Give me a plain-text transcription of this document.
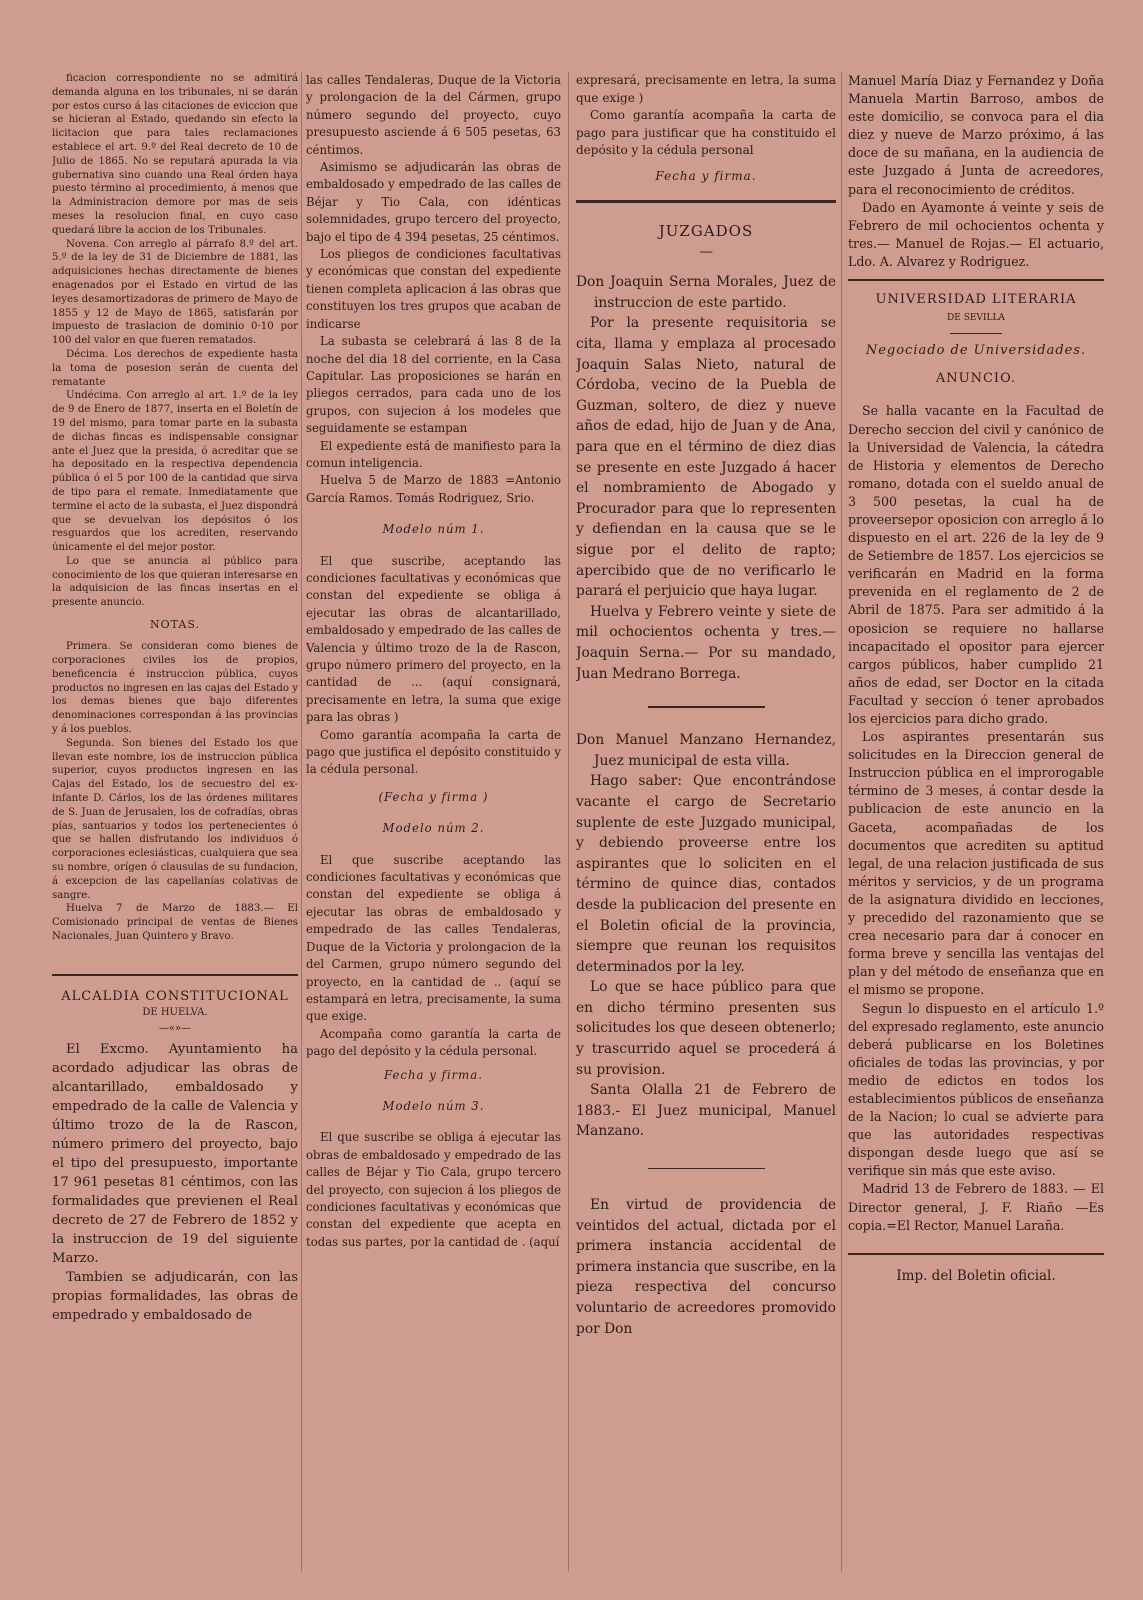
ficacion correspondiente no se admitirá demanda alguna en los tribunales, ni se darán por estos curso á las citaciones de eviccion que se hicieran al Estado, quedando sin efecto la licitacion que para tales reclamaciones establece el art. 9.º del Real decreto de 10 de Julio de 1865. No se reputará apurada la via gubernativa sino cuando una Real órden haya puesto término al procedimiento, á menos que la Administracion demore por mas de seis meses la resolucion final, en cuyo caso quedará libre la accion de los Tribunales.

Novena. Con arreglo al párrafo 8.º del art. 5.º de la ley de 31 de Diciembre de 1881, las adquisiciones hechas directamente de bienes enagenados por el Estado en virtud de las leyes desamortizadoras de primero de Mayo de 1855 y 12 de Mayo de 1865, satisfarán por impuesto de traslacion de dominio 0·10 por 100 del valor en que fueren rematados.

Décima. Los derechos de expediente hasta la toma de posesion serán de cuenta del rematante

Undécima. Con arreglo al art. 1.º de la ley de 9 de Enero de 1877, inserta en el Boletín de 19 del mismo, para tomar parte en la subasta de dichas fincas es indispensable consignar ante el Juez que la presida, ó acreditar que se ha depositado en la respectiva dependencia pública ó el 5 por 100 de la cantidad que sirva de tipo para el remate. Inmediatamente que termine el acto de la subasta, el Juez dispondrá que se devuelvan los depósitos ó los resguardos que los acrediten, reservando únicamente el del mejor postor.

Lo que se anuncia al público para conocimiento de los que quieran interesarse en la adquisicion de las fincas insertas en el presente anuncio.

NOTAS.

Primera. Se consideran como bienes de corporaciones civiles los de propios, beneficencia é instruccion pública, cuyos productos no ingresen en las cajas del Estado y los demas bienes que bajo diferentes denominaciones correspondan á las provincias y á los pueblos.

Segunda. Son bienes del Estado los que llevan este nombre, los de instruccion pública superior, cuyos productos ingresen en las Cajas del Estado, los de secuestro del ex-infante D. Cárlos, los de las órdenes militares de S. Juan de Jerusalen, los de cofradías, obras pías, santuarios y todos los pertenecientes ó que se hallen disfrutando los individuos ó corporaciones eclesiásticas, cualquiera que sea su nombre, orígen ó clausulas de su fundacion, á excepcion de las capellanías colativas de sangre.

Huelva 7 de Marzo de 1883.— El Comisionado principal de ventas de Bienes Nacionales, Juan Quintero y Bravo.

ALCALDIA CONSTITUCIONAL
DE HUELVA.
—«»—

El Excmo. Ayuntamiento ha acordado adjudicar las obras de alcantarillado, embaldosado y empedrado de la calle de Valencia y último trozo de la de Rascon, número primero del proyecto, bajo el tipo del presupuesto, importante 17 961 pesetas 81 céntimos, con las formalidades que previenen el Real decreto de 27 de Febrero de 1852 y la instruccion de 19 del siguiente Marzo.

Tambien se adjudicarán, con las propias formalidades, las obras de empedrado y embaldosado de

las calles Tendaleras, Duque de la Victoria y prolongacion de la del Cármen, grupo número segundo del proyecto, cuyo presupuesto asciende á 6 505 pesetas, 63 céntimos.

Asimismo se adjudicarán las obras de embaldosado y empedrado de las calles de Béjar y Tio Cala, con idénticas solemnidades, grupo tercero del proyecto, bajo el tipo de 4 394 pesetas, 25 céntimos.

Los pliegos de condiciones facultativas y económicas que constan del expediente tienen completa aplicacion á las obras que constituyen los tres grupos que acaban de indicarse

La subasta se celebrará á las 8 de la noche del dia 18 del corriente, en la Casa Capitular. Las proposiciones se harán en pliegos cerrados, para cada uno de los grupos, con sujecion á los modeles que seguidamente se estampan

El expediente está de manifiesto para la comun inteligencia.

Huelva 5 de Marzo de 1883 =Antonio García Ramos. Tomás Rodriguez, Srio.

Modelo núm 1.

El que suscribe, aceptando las condiciones facultativas y económicas que constan del expediente se obliga á ejecutar las obras de alcantarillado, embaldosado y empedrado de las calles de Valencia y último trozo de la de Rascon, grupo número primero del proyecto, en la cantidad de ... (aquí consignará, precisamente en letra, la suma que exige para las obras )

Como garantía acompaña la carta de pago que justifica el depósito constituido y la cédula personal.

(Fecha y firma )
Modelo núm 2.

El que suscribe aceptando las condiciones facultativas y económicas que constan del expediente se obliga á ejecutar las obras de embaldosado y empedrado de las calles Tendaleras, Duque de la Victoria y prolongacion de la del Carmen, grupo número segundo del proyecto, en la cantidad de .. (aquí se estampará en letra, precisamente, la suma que exige.

Acompaña como garantía la carta de pago del depósito y la cédula personal.

Fecha y firma.
Modelo núm 3.

El que suscribe se obliga á ejecutar las obras de embaldosado y empedrado de las calles de Béjar y Tio Cala, grupo tercero del proyecto, con sujecion á los pliegos de condiciones facultativas y económicas que constan del expediente que acepta en todas sus partes, por la cantidad de . (aquí

expresará, precisamente en letra, la suma que exige )

Como garantía acompaña la carta de pago para justificar que ha constituido el depósito y la cédula personal

Fecha y firma.
JUZGADOS
—

Don Joaquin Serna Morales, Juez de instruccion de este partido.

Por la presente requisitoria se cita, llama y emplaza al procesado Joaquin Salas Nieto, natural de Córdoba, vecino de la Puebla de Guzman, soltero, de diez y nueve años de edad, hijo de Juan y de Ana, para que en el término de diez dias se presente en este Juzgado á hacer el nombramiento de Abogado y Procurador para que lo representen y defiendan en la causa que se le sigue por el delito de rapto; apercibido que de no verificarlo le parará el perjuicio que haya lugar.

Huelva y Febrero veinte y siete de mil ochocientos ochenta y tres.—Joaquin Serna.— Por su mandado, Juan Medrano Borrega.

Don Manuel Manzano Hernandez, Juez municipal de esta villa.

Hago saber: Que encontrándose vacante el cargo de Secretario suplente de este Juzgado municipal, y debiendo proveerse entre los aspirantes que lo soliciten en el término de quince dias, contados desde la publicacion del presente en el Boletin oficial de la provincia, siempre que reunan los requisitos determinados por la ley.

Lo que se hace público para que en dicho término presenten sus solicitudes los que deseen obtenerlo; y trascurrido aquel se procederá á su provision.

Santa Olalla 21 de Febrero de 1883.- El Juez municipal, Manuel Manzano.

En virtud de providencia de veintidos del actual, dictada por el primera instancia accidental de primera instancia que suscribe, en la pieza respectiva del concurso voluntario de acreedores promovido por Don

Manuel María Diaz y Fernandez y Doña Manuela Martin Barroso, ambos de este domicilio, se convoca para el dia diez y nueve de Marzo próximo, á las doce de su mañana, en la audiencia de este Juzgado á Junta de acreedores, para el reconocimiento de créditos.

Dado en Ayamonte á veinte y seis de Febrero de mil ochocientos ochenta y tres.— Manuel de Rojas.— El actuario, Ldo. A. Alvarez y Rodriguez.

UNIVERSIDAD LITERARIA
DE SEVILLA
Negociado de Universidades.
ANUNCIO.

Se halla vacante en la Facultad de Derecho seccion del civil y canónico de la Universidad de Valencia, la cátedra de Historia y elementos de Derecho romano, dotada con el sueldo anual de 3 500 pesetas, la cual ha de proveersepor oposicion con arreglo á lo dispuesto en el art. 226 de la ley de 9 de Setiembre de 1857. Los ejercicios se verificarán en Madrid en la forma prevenida en el reglamento de 2 de Abril de 1875. Para ser admitido á la oposicion se requiere no hallarse incapacitado el opositor para ejercer cargos públicos, haber cumplido 21 años de edad, ser Doctor en la citada Facultad y seccion ó tener aprobados los ejercicios para dicho grado.

Los aspirantes presentarán sus solicitudes en la Direccion general de Instruccion pública en el improrogable término de 3 meses, á contar desde la publicacion de este anuncio en la Gaceta, acompañadas de los documentos que acrediten su aptitud legal, de una relacion justificada de sus méritos y servicios, y de un programa de la asignatura dividido en lecciones, y precedido del razonamiento que se crea necesario para dar á conocer en forma breve y sencilla las ventajas del plan y del método de enseñanza que en el mismo se propone.

Segun lo dispuesto en el artículo 1.º del expresado reglamento, este anuncio deberá publicarse en los Boletines oficiales de todas las provincias, y por medio de edictos en todos los establecimientos públicos de enseñanza de la Nacion; lo cual se advierte para que las autoridades respectivas dispongan desde luego que así se verifique sin más que este aviso.

Madrid 13 de Febrero de 1883. — El Director general, J. F. Riaño —Es copia.=El Rector, Manuel Laraña.

Imp. del Boletin oficial.
